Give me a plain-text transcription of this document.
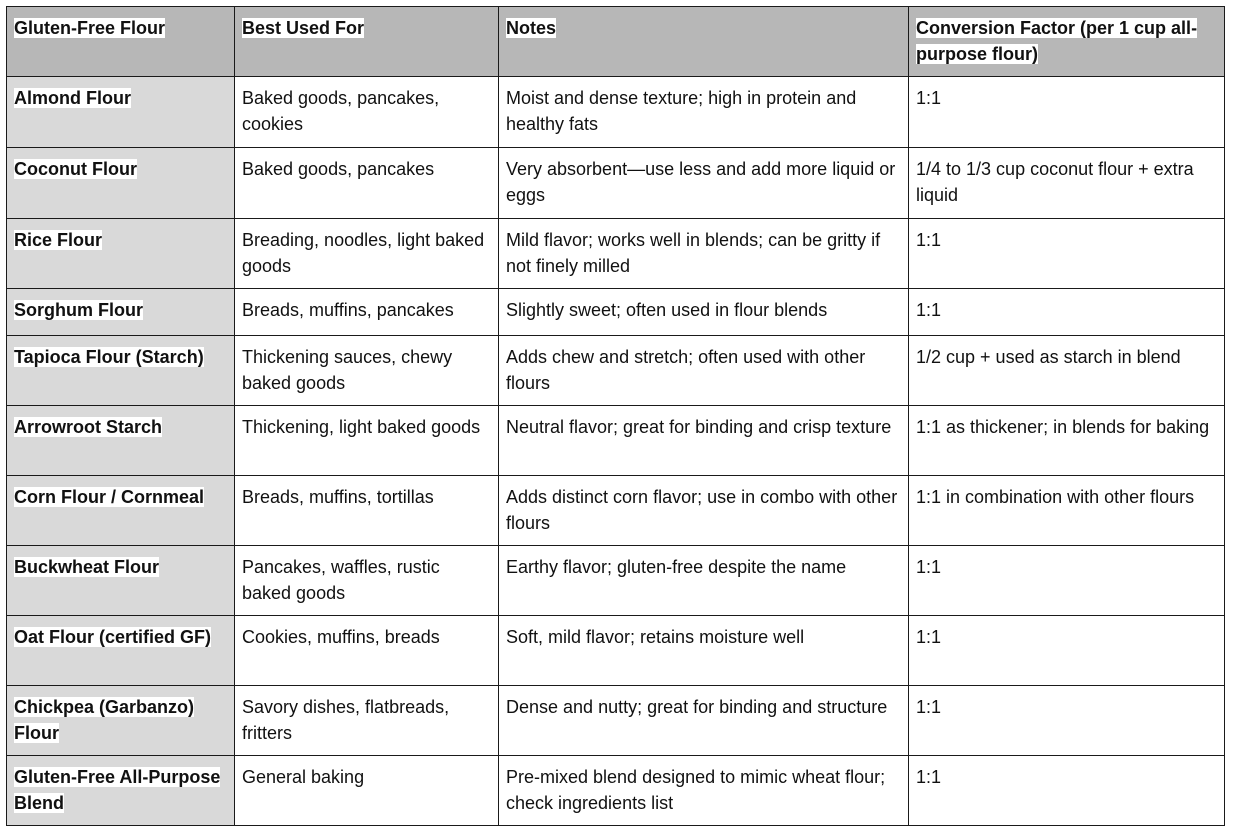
Gluten-Free Flour	Best Used For	Notes	Conversion Factor (per 1 cup all-purpose flour)
Almond Flour	Baked goods, pancakes, cookies	Moist and dense texture; high in protein and healthy fats	1:1
Coconut Flour	Baked goods, pancakes	Very absorbent—use less and add more liquid or eggs	1/4 to 1/3 cup coconut flour + extra liquid
Rice Flour	Breading, noodles, light baked goods	Mild flavor; works well in blends; can be gritty if not finely milled	1:1
Sorghum Flour	Breads, muffins, pancakes	Slightly sweet; often used in flour blends	1:1
Tapioca Flour (Starch)	Thickening sauces, chewy baked goods	Adds chew and stretch; often used with other flours	1/2 cup + used as starch in blend
Arrowroot Starch	Thickening, light baked goods	Neutral flavor; great for binding and crisp texture	1:1 as thickener; in blends for baking
Corn Flour / Cornmeal	Breads, muffins, tortillas	Adds distinct corn flavor; use in combo with other flours	1:1 in combination with other flours
Buckwheat Flour	Pancakes, waffles, rustic baked goods	Earthy flavor; gluten-free despite the name	1:1
Oat Flour (certified GF)	Cookies, muffins, breads	Soft, mild flavor; retains moisture well	1:1
Chickpea (Garbanzo) Flour	Savory dishes, flatbreads, fritters	Dense and nutty; great for binding and structure	1:1
Gluten-Free All-Purpose Blend	General baking	Pre-mixed blend designed to mimic wheat flour; check ingredients list	1:1
